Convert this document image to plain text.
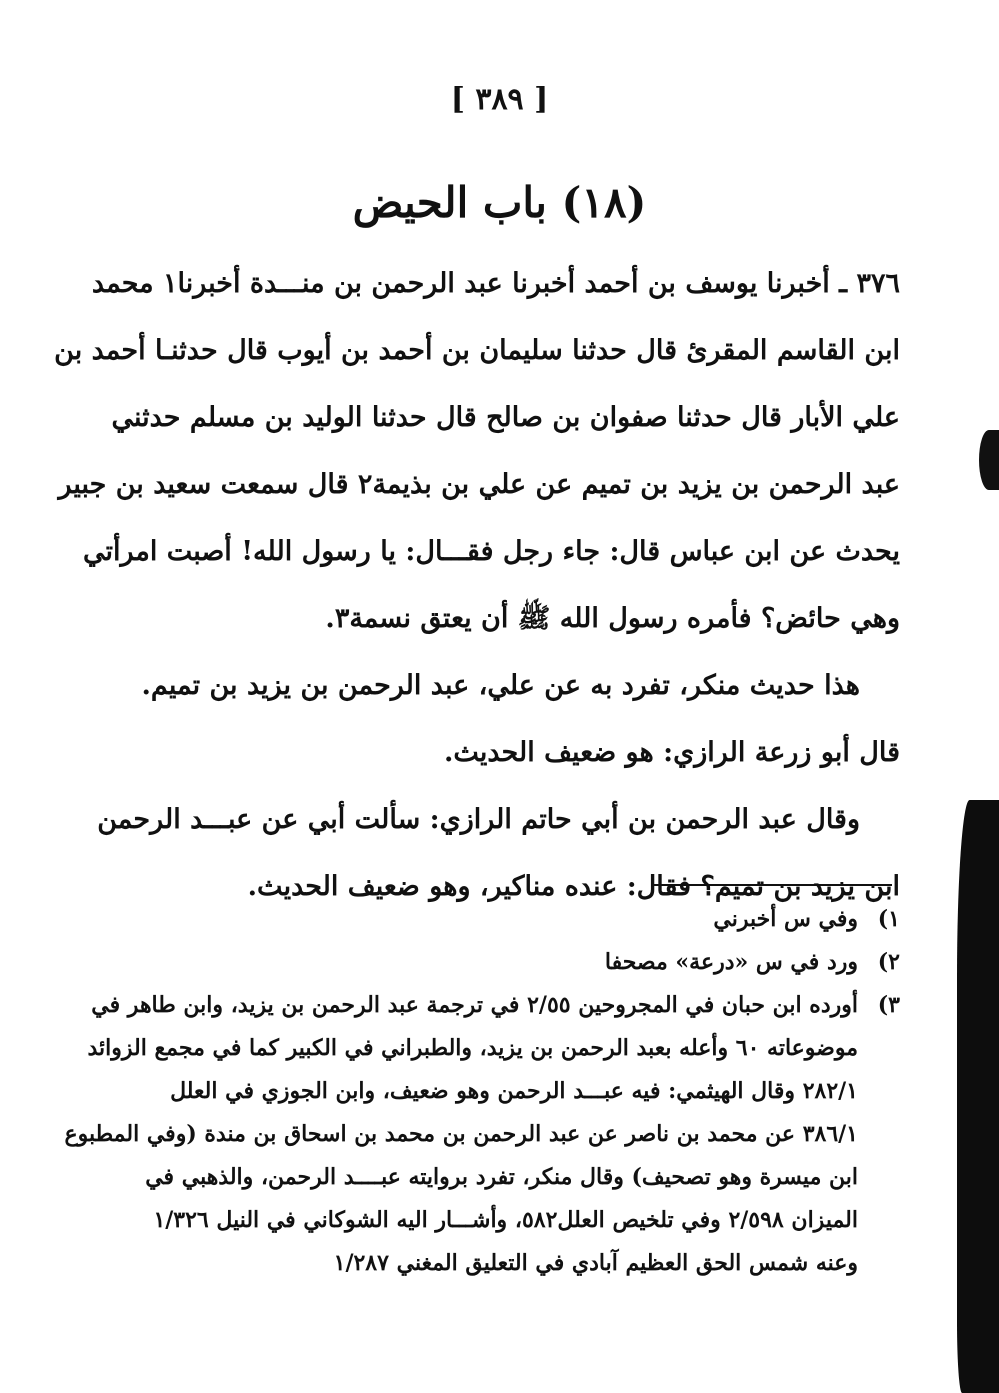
[ ٣٨٩ ]
(١٨) باب الحيض
٣٧٦ ـ أخبرنا يوسف بن أحمد أخبرنا عبد الرحمن بن منـــدة أخبرنا١ محمد
ابن القاسم المقرئ قال حدثنا سليمان بن أحمد بن أيوب قال حدثنـا أحمد بن
علي الأبار قال حدثنا صفوان بن صالح قال حدثنا الوليد بن مسلم حدثني
عبد الرحمن بن يزيد بن تميم عن علي بن بذيمة٢ قال سمعت سعيد بن جبير
يحدث عن ابن عباس قال: جاء رجل فقـــال: يا رسول الله! أصبت امرأتي
وهي حائض؟ فأمره رسول الله ﷺ أن يعتق نسمة٣.
هذا حديث منكر، تفرد به عن علي، عبد الرحمن بن يزيد بن تميم.
قال أبو زرعة الرازي: هو ضعيف الحديث.
وقال عبد الرحمن بن أبي حاتم الرازي: سألت أبي عن عبـــد الرحمن
ابن يزيد بن تميم؟ فقال: عنده مناكير، وهو ضعيف الحديث.
١)
وفي س أخبرني
٢)
ورد في س «درعة» مصحفا
٣)
أورده ابن حبان في المجروحين ٢/٥٥ في ترجمة عبد الرحمن بن يزيد، وابن طاهر في
موضوعاته ٦٠ وأعله بعبد الرحمن بن يزيد، والطبراني في الكبير كما في مجمع الزوائد
٢٨٢/١ وقال الهيثمي: فيه عبـــد الرحمن وهو ضعيف، وابن الجوزي في العلل
٣٨٦/١ عن محمد بن ناصر عن عبد الرحمن بن محمد بن اسحاق بن مندة (وفي المطبوع
ابن ميسرة وهو تصحيف) وقال منكر، تفرد بروايته عبــــد الرحمن، والذهبي في
الميزان ٢/٥٩٨ وفي تلخيص العلل٥٨٢، وأشـــار اليه الشوكاني في النيل ١/٣٢٦
وعنه شمس الحق العظيم آبادي في التعليق المغني ١/٢٨٧
